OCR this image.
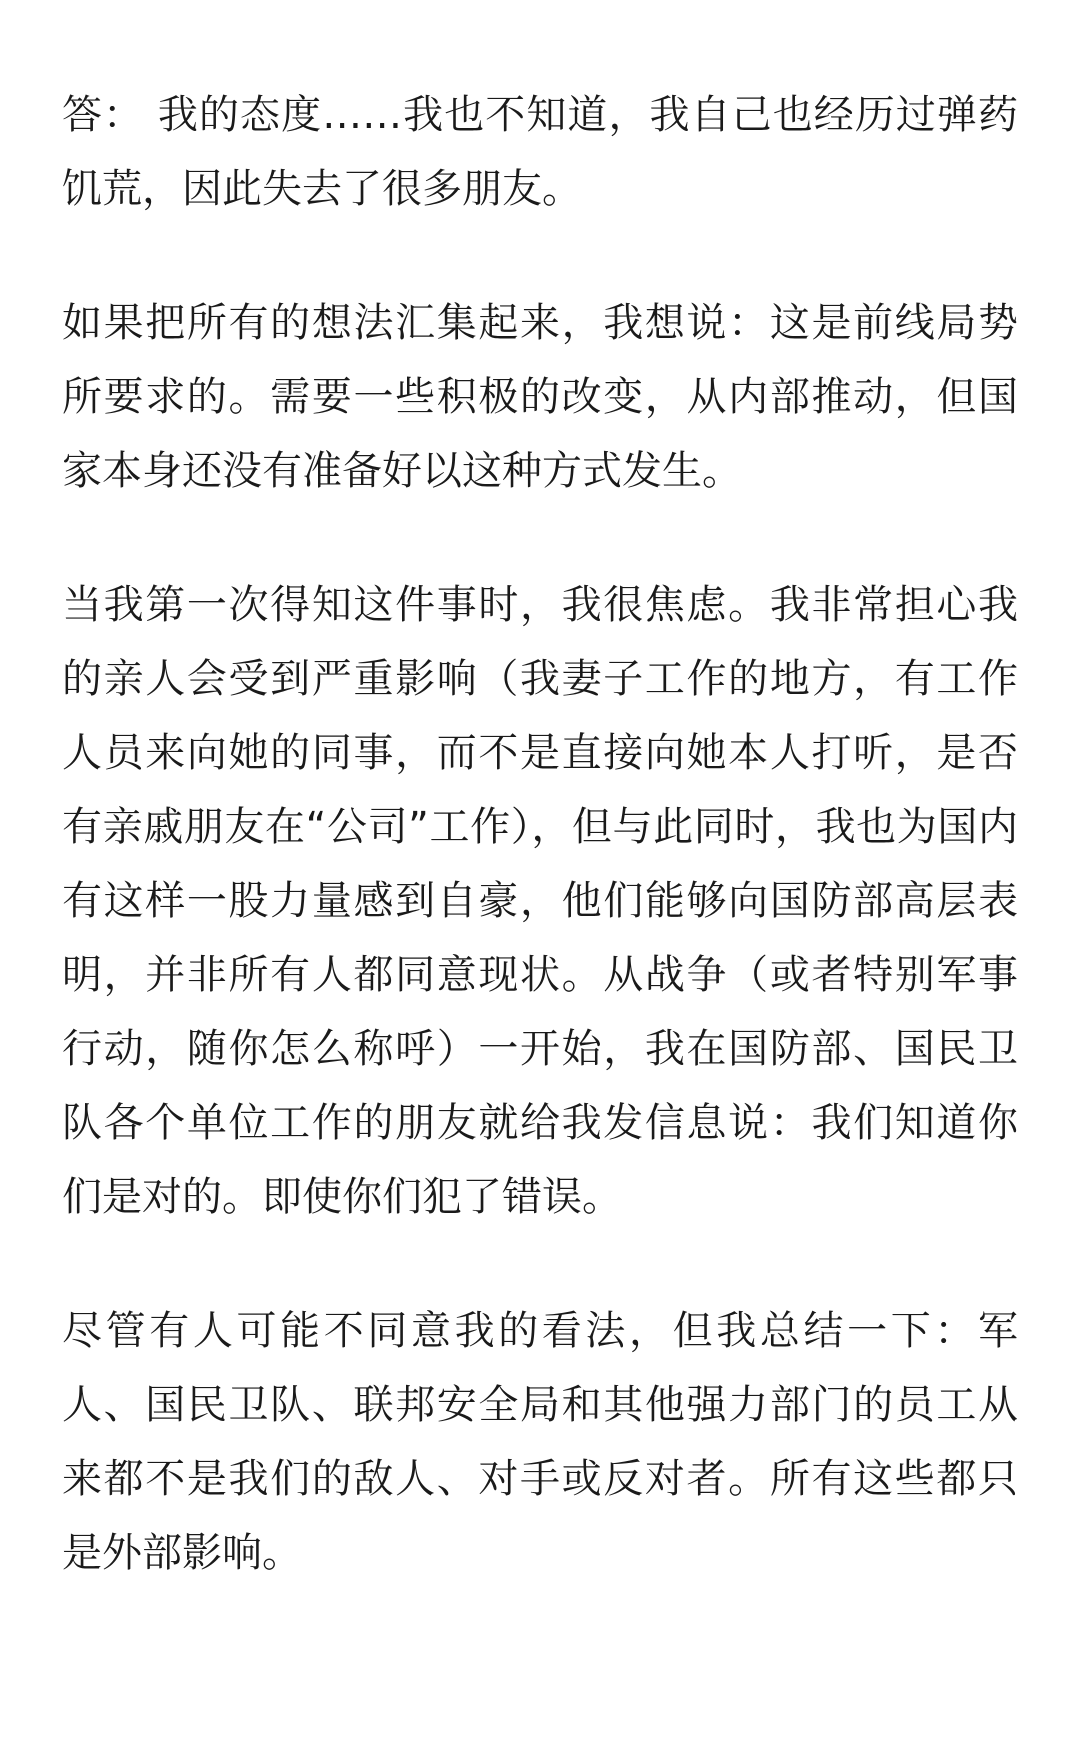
答： 我的态度……我也不知道，我自己也经历过弹药饥荒，因此失去了很多朋友。

如果把所有的想法汇集起来，我想说：这是前线局势所要求的。需要一些积极的改变，从内部推动，但国家本身还没有准备好以这种方式发生。

当我第一次得知这件事时，我很焦虑。我非常担心我的亲人会受到严重影响（我妻子工作的地方，有工作人员来向她的同事，而不是直接向她本人打听，是否有亲戚朋友在“公司”工作），但与此同时，我也为国内有这样一股力量感到自豪，他们能够向国防部高层表明，并非所有人都同意现状。从战争（或者特别军事行动，随你怎么称呼）一开始，我在国防部、国民卫队各个单位工作的朋友就给我发信息说：我们知道你们是对的。即使你们犯了错误。

尽管有人可能不同意我的看法，但我总结一下：军人、国民卫队、联邦安全局和其他强力部门的员工从来都不是我们的敌人、对手或反对者。所有这些都只是外部影响。
